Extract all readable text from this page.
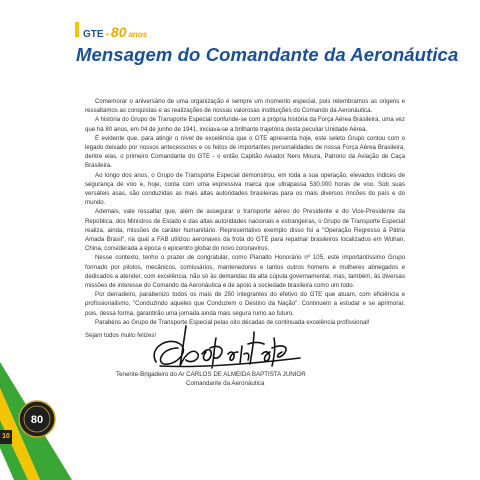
80
10
GTE - 80 anos
Mensagem do Comandante da Aeronáutica

Comemorar o aniversário de uma organização é sempre um momento especial, pois relembramos as origens e ressaltamos as conquistas e as realizações de nossas valorosas instituições do Comando da Aeronáutica.

A história do Grupo de Transporte Especial confunde-se com a própria história da Força Aérea Brasileira, uma vez que há 80 anos, em 04 de junho de 1941, iniciava-se a brilhante trajetória desta peculiar Unidade Aérea.

É evidente que, para atingir o nível de excelência que o GTE apresenta hoje, este seleto Grupo contou com o legado deixado por nossos antecessores e os feitos de importantes personalidades de nossa Força Aérea Brasileira, dentre elas, o primeiro Comandante do GTE - o então Capitão Aviador Nero Moura, Patrono da Aviação de Caça Brasileira.

Ao longo dos anos, o Grupo de Transporte Especial demonstrou, em toda a sua operação, elevados índices de segurança de voo e, hoje, conta com uma expressiva marca que ultrapassa 530.000 horas de voo. Sob suas versáteis asas, são conduzidas as mais altas autoridades brasileiras para os mais diversos rincões do país e do mundo.

Ademais, vale ressaltar que, além de assegurar o transporte aéreo do Presidente e do Vice-Presidente da República, dos Ministros de Estado e das altas autoridades nacionais e estrangeiras, o Grupo de Transporte Especial realiza, ainda, missões de caráter humanitário. Representativo exemplo disso foi a "Operação Regresso à Pátria Amada Brasil", na qual a FAB utilizou aeronaves da frota do GTE para repatriar brasileiros localizados em Wuhan, China, considerada a época o epicentro global do novo coronavírus.

Nesse contexto, tenho o prazer de congratular, como Planalto Honorário nº 105, este importantíssimo Grupo formado por pilotos, mecânicos, comissários, mantenedores e tantos outros homens e mulheres abnegados e dedicados a atender, com excelência, não só às demandas da alta cúpula governamental, mas, também, às diversas missões de interesse do Comando da Aeronáutica e de apoio à sociedade brasileira como um todo.

Por derradeiro, parabenizo todos os mais de 250 integrantes do efetivo do GTE que atuam, com eficiência e profissionalismo, "Conduzindo aqueles que Conduzem o Destino da Nação". Continuem a estudar e se aprimorar, pois, dessa forma, garantirão uma jornada ainda mais segura rumo ao futuro.

Parabéns ao Grupo de Transporte Especial pelas oito décadas de continuada excelência profissional!

Sejam todos muito felizes!

Tenente-Brigadeiro do Ar CARLOS DE ALMEIDA BAPTISTA JUNIOR
Comandante da Aeronáutica
